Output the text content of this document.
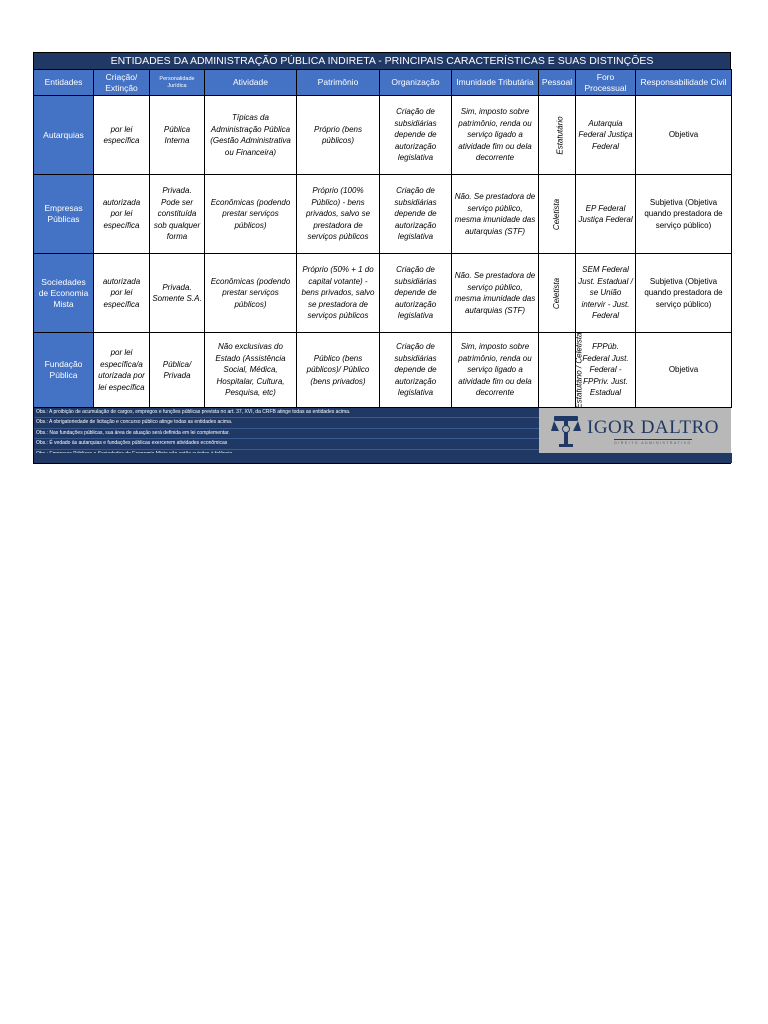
ENTIDADES DA ADMINISTRAÇÃO PÚBLICA INDIRETA - PRINCIPAIS CARACTERÍSTICAS E SUAS DISTINÇÕES
Entidades	Criação/ Extinção	Personalidade Jurídica	Atividade	Patrimônio	Organização	Imunidade Tributária	Pessoal	Foro Processual	Responsabilidade Civil
Autarquias	por lei específica	Pública Interna	Típicas da Administração Pública (Gestão Administrativa ou Financeira)	Próprio (bens públicos)	Criação de subsidiárias depende de autorização legislativa	Sim, imposto sobre patrimônio, renda ou serviço ligado a atividade fim ou dela decorrente	Estatutário	Autarquia Federal Justiça Federal	Objetiva
Empresas Públicas	autorizada por lei específica	Privada. Pode ser constituída sob qualquer forma	Econômicas (podendo prestar serviços públicos)	Próprio (100% Público) - bens privados, salvo se prestadora de serviços públicos	Criação de subsidiárias depende de autorização legislativa	Não. Se prestadora de serviço público, mesma imunidade das autarquias (STF)	Celetista	EP Federal Justiça Federal	Subjetiva (Objetiva quando prestadora de serviço público)
Sociedades de Economia Mista	autorizada por lei específica	Privada. Somente S.A.	Econômicas (podendo prestar serviços públicos)	Próprio (50% + 1 do capital votante) - bens privados, salvo se prestadora de serviços públicos	Criação de subsidiárias depende de autorização legislativa	Não. Se prestadora de serviço público, mesma imunidade das autarquias (STF)	Celetista	SEM Federal Just. Estadual / se União intervir - Just. Federal	Subjetiva (Objetiva quando prestadora de serviço público)
Fundação Pública	por lei específica/a utorizada por lei específica	Pública/ Privada	Não exclusivas do Estado (Assistência Social, Médica, Hospitalar, Cultura, Pesquisa, etc)	Público (bens públicos)/ Público (bens privados)	Criação de subsidiárias depende de autorização legislativa	Sim, imposto sobre patrimônio, renda ou serviço ligado a atividade fim ou dela decorrente	Estatutário / Celetista	FPPúb. Federal Just. Federal - FPPriv. Just. Estadual	Objetiva
Obs.: A proibição de acumulação de cargos, empregos e funções públicas prevista no art. 37, XVI, da CRFB atinge todas as entidades acima.
Obs.: A obrigatoriedade de licitação e concurso público atinge todas as entidades acima.
Obs.: Nas fundações públicas, sua área de atuação será definida em lei complementar.
Obs.: É vedado às autarquias e fundações públicas exercerem atividades econômicas
IGOR DALTRO
DIREITO ADMINISTRATIVO
